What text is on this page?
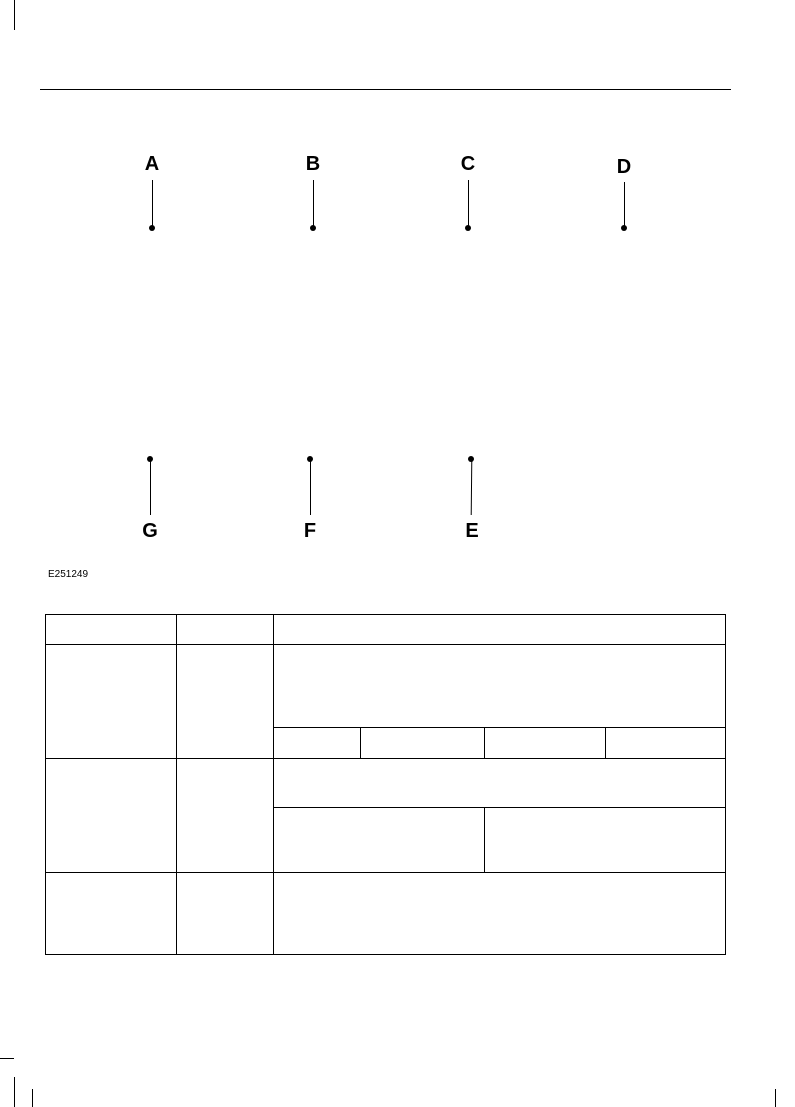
A	B	C	D
G	F	E
E251249
